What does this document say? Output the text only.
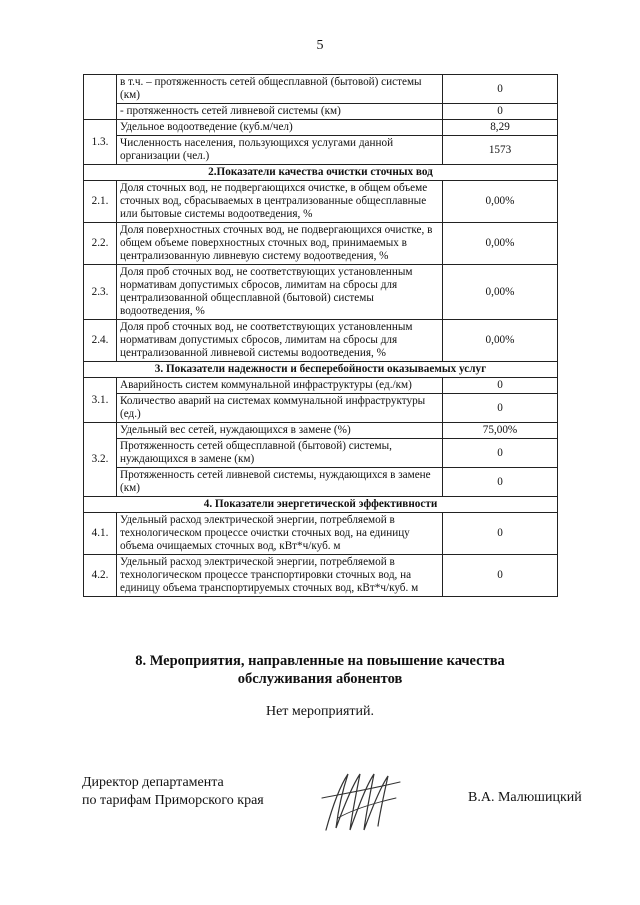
5
	в т.ч. – протяженность сетей общесплавной (бытовой) системы (км)	0
	- протяженность сетей ливневой системы (км)	0
1.3.	Удельное водоотведение (куб.м/чел)	8,29
	Численность населения, пользующихся услугами данной организации (чел.)	1573
2.Показатели качества очистки сточных вод		
2.1.	Доля сточных вод, не подвергающихся очистке, в общем объеме сточных вод, сбрасываемых в централизованные общесплавные или бытовые системы водоотведения, %	0,00%
2.2.	Доля поверхностных сточных вод, не подвергающихся очистке, в общем объеме поверхностных сточных вод, принимаемых в централизованную ливневую систему водоотведения, %	0,00%
2.3.	Доля проб сточных вод, не соответствующих установленным нормативам допустимых сбросов, лимитам на сбросы для централизованной общесплавной (бытовой) системы водоотведения, %	0,00%
2.4.	Доля проб сточных вод, не соответствующих установленным нормативам допустимых сбросов, лимитам на сбросы для централизованной ливневой системы водоотведения, %	0,00%
3. Показатели надежности и бесперебойности оказываемых услуг		
3.1.	Аварийность систем коммунальной инфраструктуры (ед./км)	0
	Количество аварий на системах коммунальной инфраструктуры (ед.)	0
3.2.	Удельный вес сетей, нуждающихся в замене (%)	75,00%
	Протяженность сетей общесплавной (бытовой) системы, нуждающихся в замене (км)	0
	Протяженность сетей ливневой системы, нуждающихся в замене (км)	0
4. Показатели энергетической эффективности		
4.1.	Удельный расход электрической энергии, потребляемой в технологическом процессе очистки сточных вод, на единицу объема очищаемых сточных вод, кВт*ч/куб. м	0
4.2.	Удельный расход электрической энергии, потребляемой в технологическом процессе транспортировки сточных вод, на единицу объема транспортируемых сточных вод, кВт*ч/куб. м	0
8. Мероприятия, направленные на повышение качества
обслуживания абонентов
Нет мероприятий.
Директор департамента
по тарифам Приморского края	В.А. Малюшицкий
